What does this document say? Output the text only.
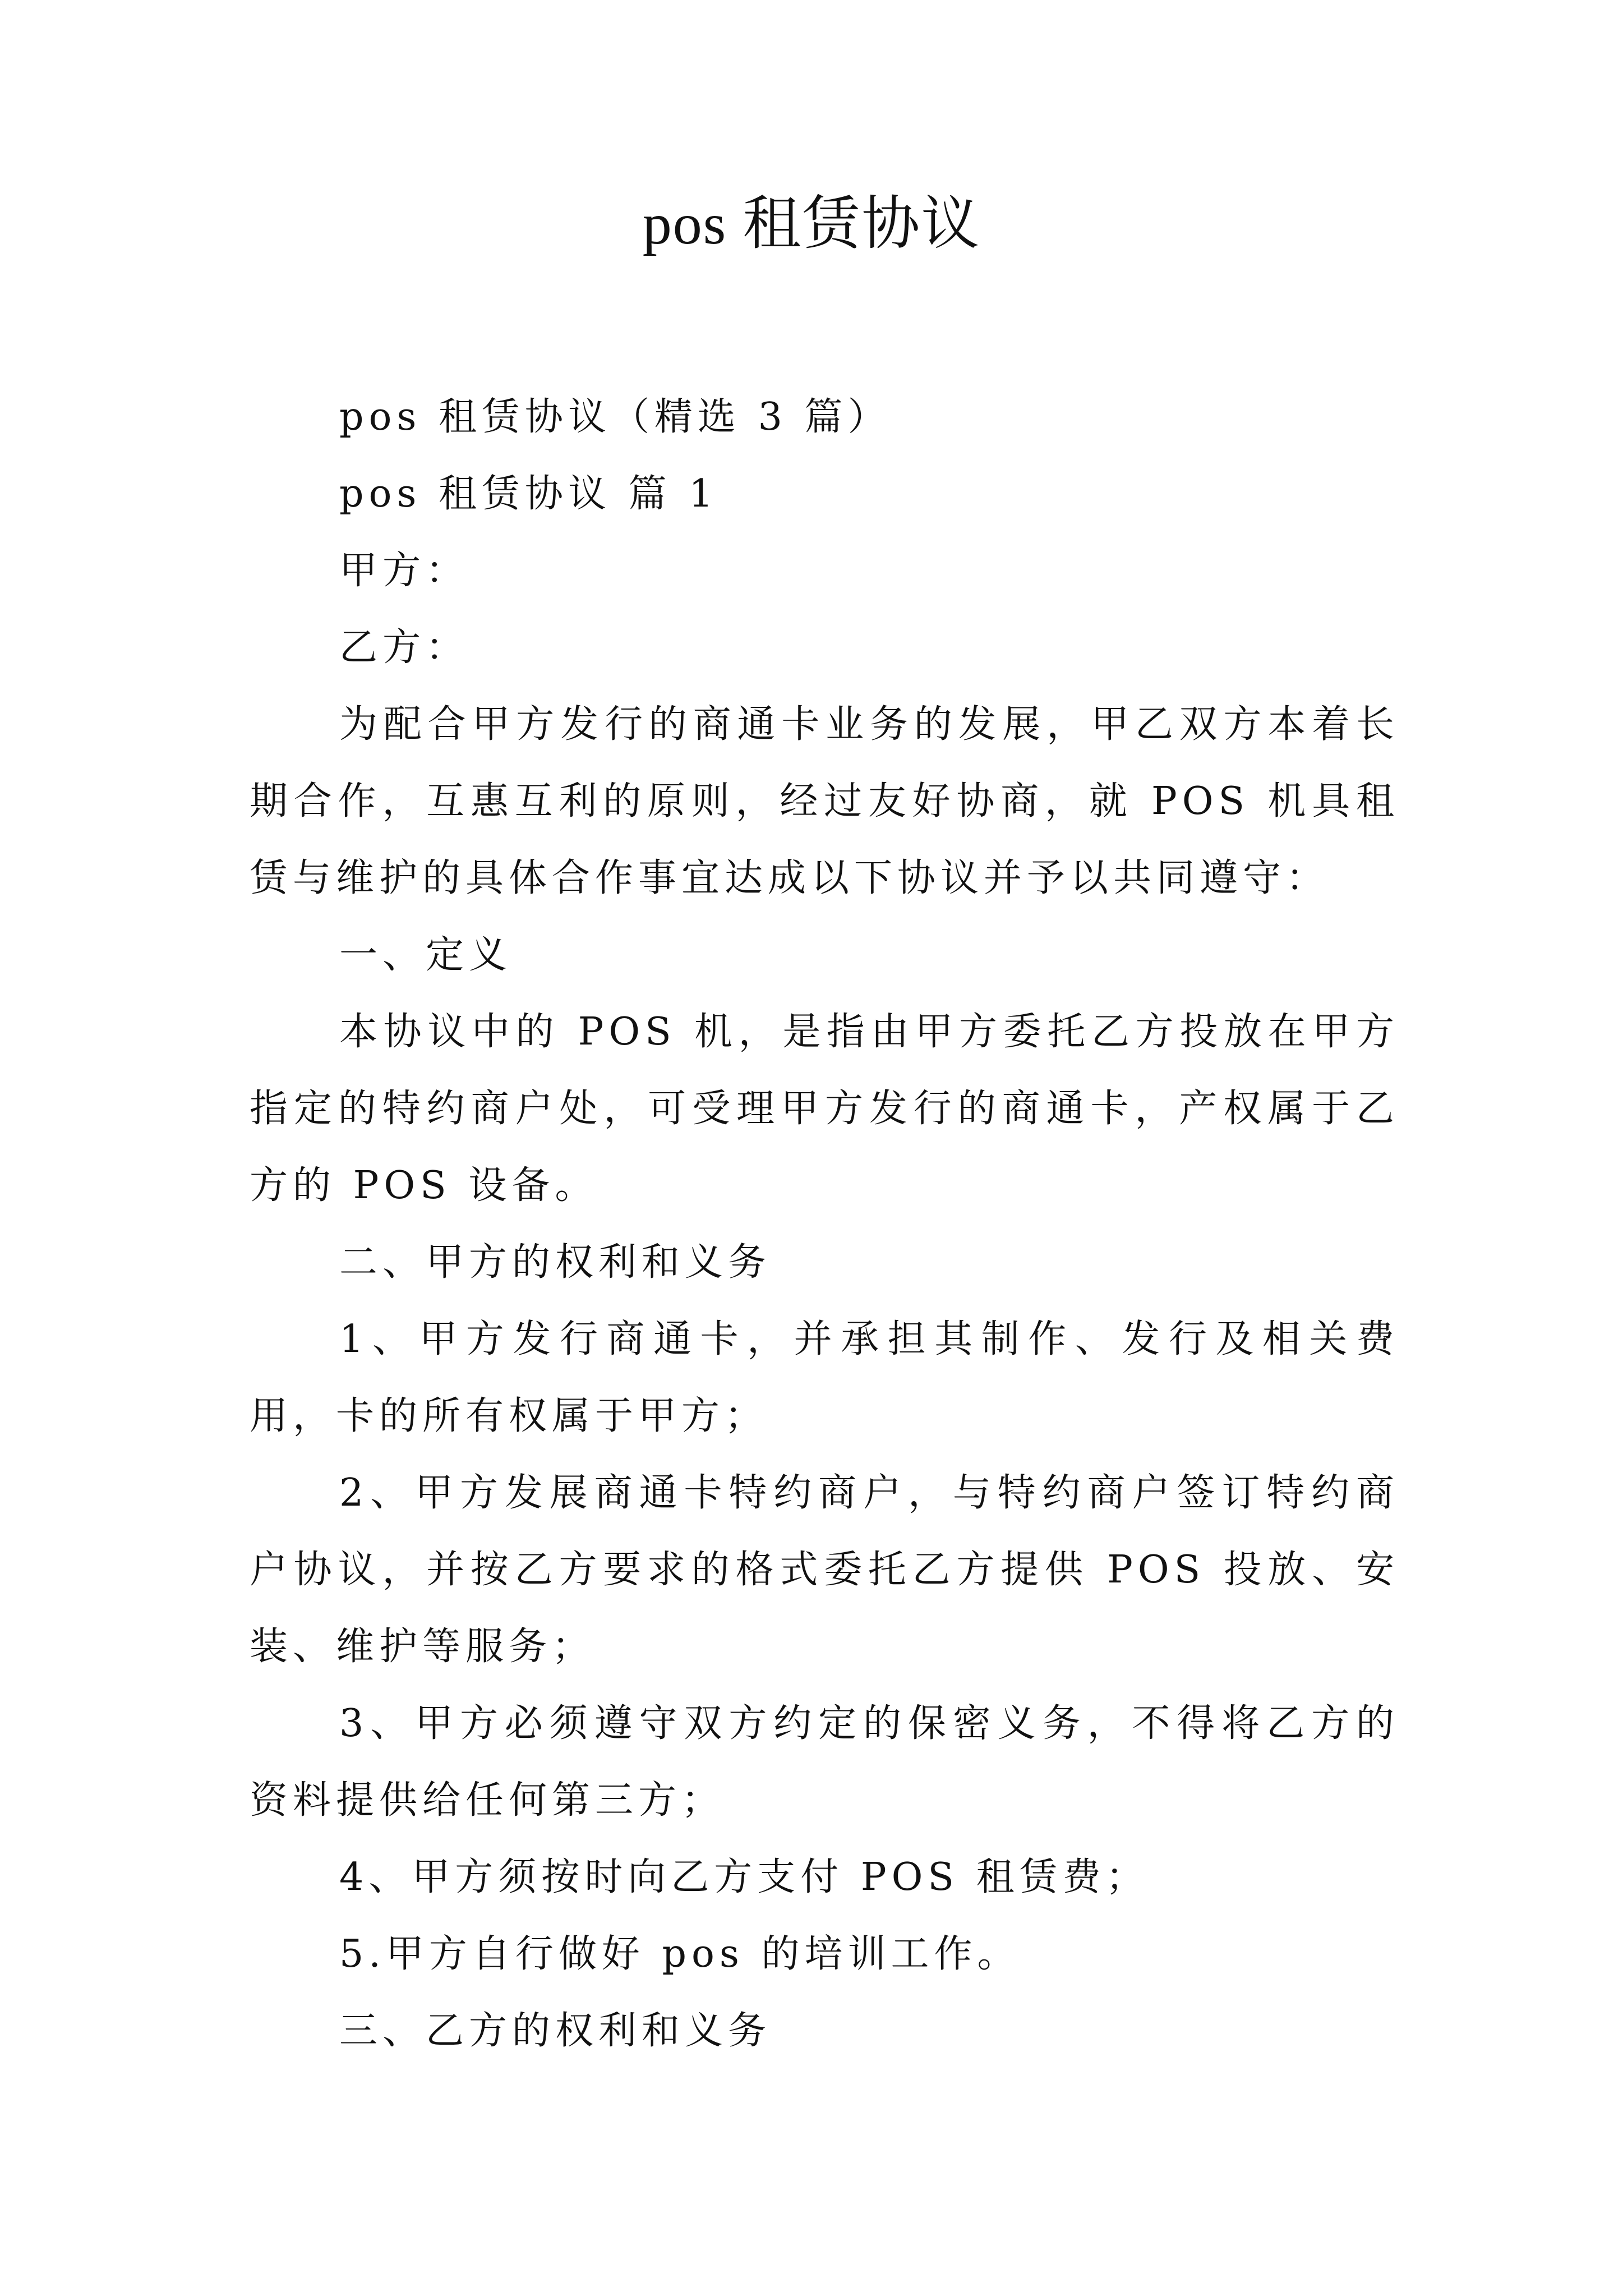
pos 租赁协议

pos 租赁协议（精选 3 篇）

pos 租赁协议 篇 1

甲方：

乙方：

为配合甲方发行的商通卡业务的发展，甲乙双方本着长期合作，互惠互利的原则，经过友好协商，就 POS 机具租赁与维护的具体合作事宜达成以下协议并予以共同遵守：

一、定义

本协议中的 POS 机，是指由甲方委托乙方投放在甲方指定的特约商户处，可受理甲方发行的商通卡，产权属于乙方的 POS 设备。

二、甲方的权利和义务

1、甲方发行商通卡，并承担其制作、发行及相关费用，卡的所有权属于甲方；

2、甲方发展商通卡特约商户，与特约商户签订特约商户协议，并按乙方要求的格式委托乙方提供 POS 投放、安装、维护等服务；

3、甲方必须遵守双方约定的保密义务，不得将乙方的资料提供给任何第三方；

4、甲方须按时向乙方支付 POS 租赁费；

5.甲方自行做好 pos 的培训工作。

三、乙方的权利和义务
